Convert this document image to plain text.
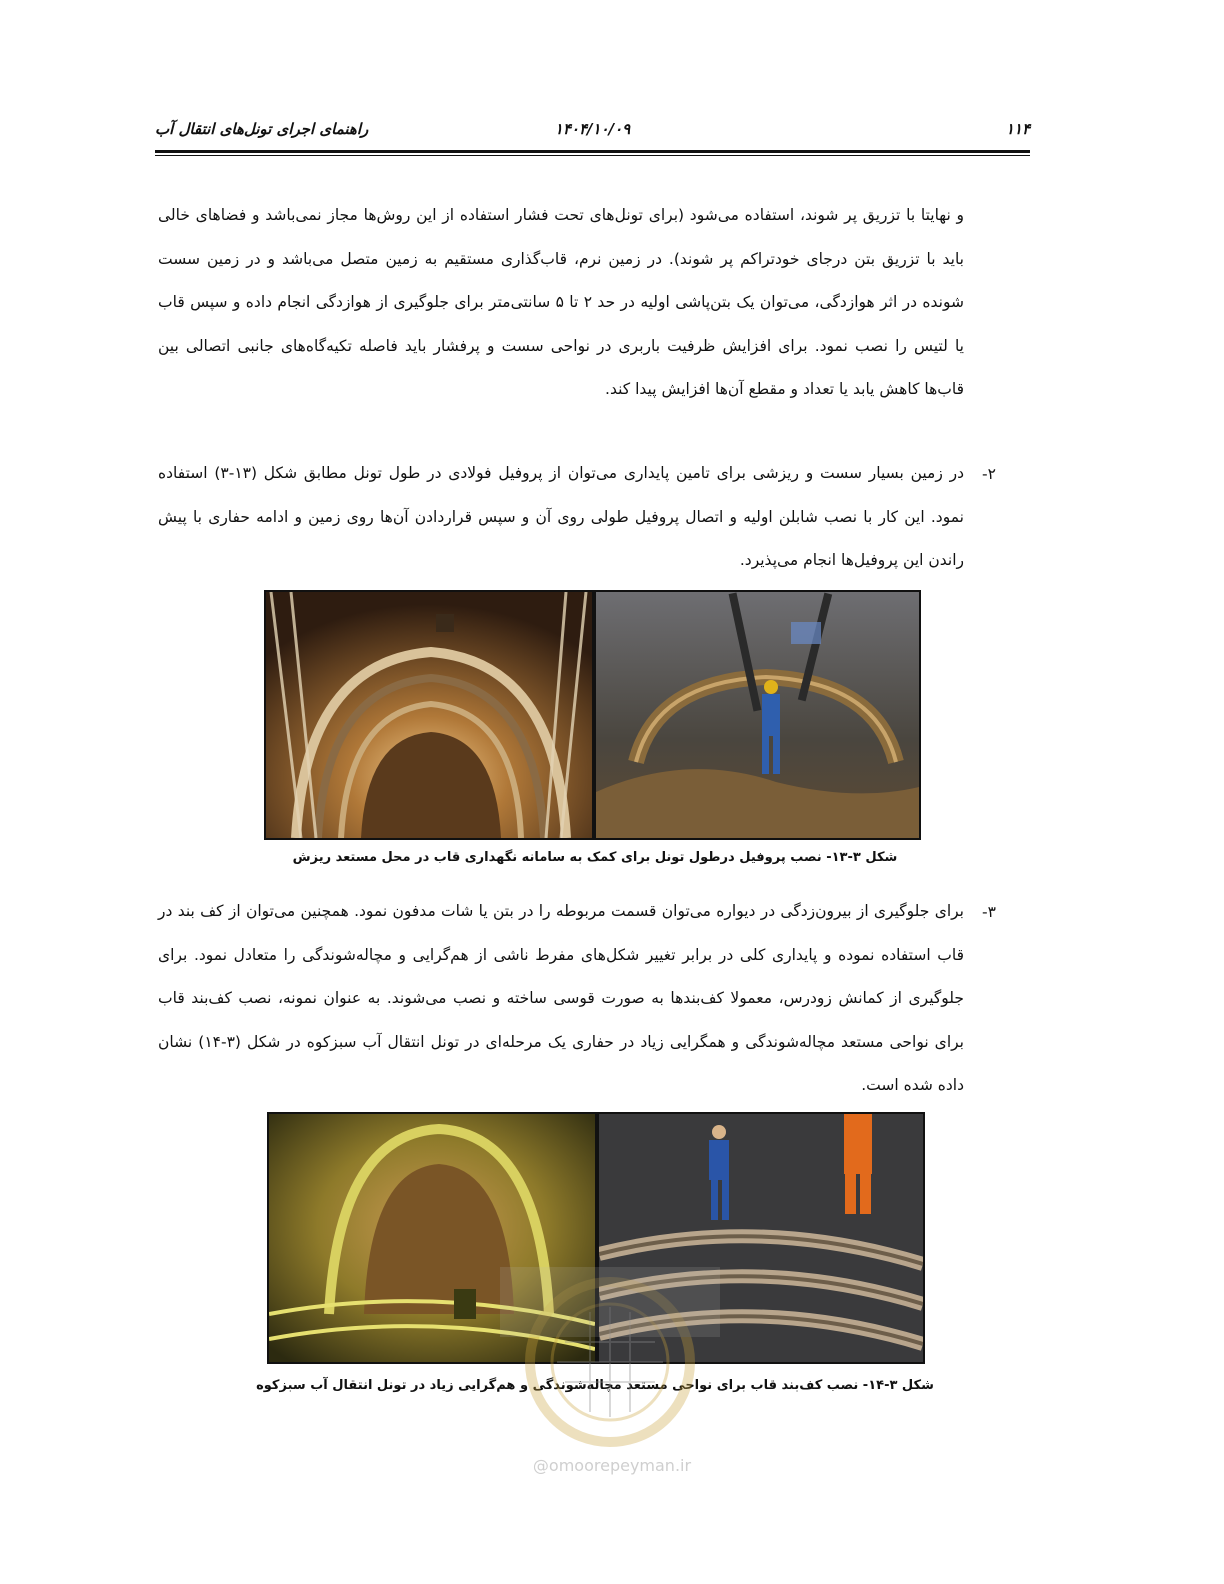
۱۱۴
۱۴۰۴/۱۰/۰۹
راهنمای اجرای تونل‌های انتقال آب
و نهایتا با تزریق پر شوند، استفاده می‌شود (برای تونل‌های تحت فشار استفاده از این روش‌ها مجاز نمی‌باشد و فضاهای خالی باید با تزریق بتن درجای خودتراکم پر شوند). در زمین نرم، قاب‌گذاری مستقیم به زمین متصل می‌باشد و در زمین سست شونده در اثر هوازدگی، می‌توان یک بتن‌پاشی اولیه در حد ۲ تا ۵ سانتی‌متر برای جلوگیری از هوازدگی انجام داده و سپس قاب یا لتیس را نصب نمود. برای افزایش ظرفیت باربری در نواحی سست و پرفشار باید فاصله تکیه‌گاه‌های جانبی اتصالی بین قاب‌ها کاهش یابد یا تعداد و مقطع آن‌ها افزایش پیدا کند.
۲-
در زمین بسیار سست و ریزشی برای تامین پایداری می‌توان از پروفیل فولادی در طول تونل مطابق شکل (۱۳-۳) استفاده نمود. این کار با نصب شابلن اولیه و اتصال پروفیل طولی روی آن و سپس قراردادن آن‌ها روی زمین و ادامه حفاری با پیش راندن این پروفیل‌ها انجام می‌پذیرد.
شکل ۳-۱۳- نصب پروفیل درطول تونل برای کمک به سامانه نگهداری قاب در محل مستعد ریزش
۳-
برای جلوگیری از بیرون‌زدگی در دیواره می‌توان قسمت مربوطه را در بتن یا شات مدفون نمود. همچنین می‌توان از کف بند در قاب استفاده نموده و پایداری کلی در برابر تغییر شکل‌های مفرط ناشی از هم‌گرایی و مچاله‌شوندگی را متعادل نمود. برای جلوگیری از کمانش زودرس، معمولا کف‌بندها به صورت قوسی ساخته و نصب می‌شوند. به عنوان نمونه، نصب کف‌بند قاب برای نواحی مستعد مچاله‌شوندگی و همگرایی زیاد در حفاری یک مرحله‌ای در تونل انتقال آب سبزکوه در شکل (۳-۱۴) نشان داده شده است.
شکل ۳-۱۴- نصب کف‌بند قاب برای نواحی مستعد مچاله‌شوندگی و هم‌گرایی زیاد در تونل انتقال آب سبزکوه
@omoorepeyman.ir
